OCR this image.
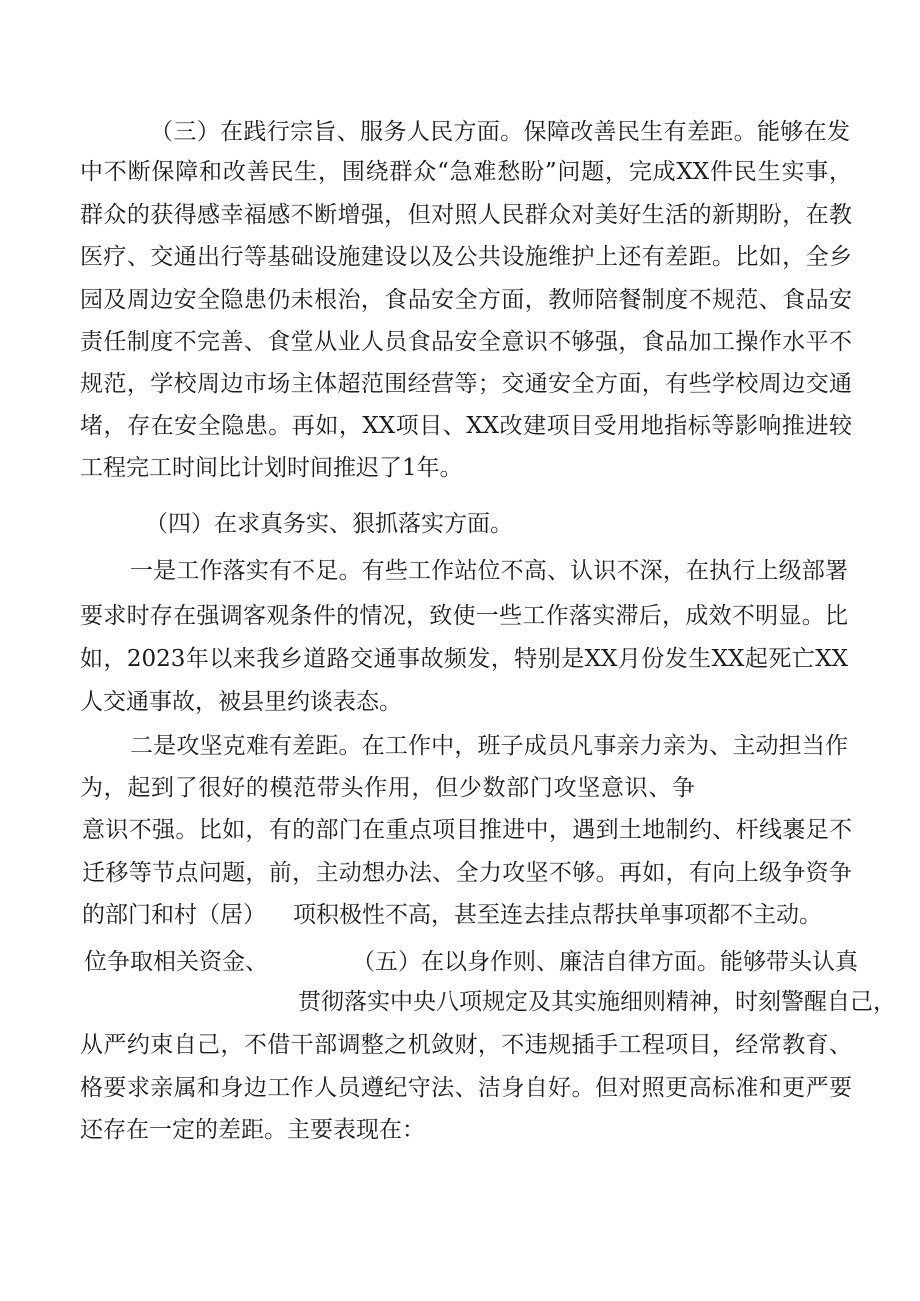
（三）在践行宗旨、服务人民方面。保障改善民生有差距。能够在发

中不断保障和改善民生，围绕群众“急难愁盼”问题，完成XX件民生实事，

群众的获得感幸福感不断增强，但对照人民群众对美好生活的新期盼，在教

医疗、交通出行等基础设施建设以及公共设施维护上还有差距。比如，全乡

园及周边安全隐患仍未根治，食品安全方面，教师陪餐制度不规范、食品安

责任制度不完善、食堂从业人员食品安全意识不够强，食品加工操作水平不

规范，学校周边市场主体超范围经营等；交通安全方面，有些学校周边交通

堵，存在安全隐患。再如，XX项目、XX改建项目受用地指标等影响推进较

工程完工时间比计划时间推迟了1年。

（四）在求真务实、狠抓落实方面。

一是工作落实有不足。有些工作站位不高、认识不深，在执行上级部署

要求时存在强调客观条件的情况，致使一些工作落实滞后，成效不明显。比

如，2023年以来我乡道路交通事故频发，特别是XX月份发生XX起死亡XX

人交通事故，被县里约谈表态。

二是攻坚克难有差距。在工作中，班子成员凡事亲力亲为、主动担当作

为，起到了很好的模范带头作用，但少数部门攻坚意识、争

意识不强。比如，有的部门在重点项目推进中，遇到土地制约、杆线裹足不

迁移等节点问题，前，主动想办法、全力攻坚不够。再如，有向上级争资争

的部门和村（居） 项积极性不高，甚至连去挂点帮扶单事项都不主动。

位争取相关资金、	（五）在以身作则、廉洁自律方面。能够带头认真

贯彻落实中央八项规定及其实施细则精神，时刻警醒自己，

从严约束自己，不借干部调整之机敛财，不违规插手工程项目，经常教育、

格要求亲属和身边工作人员遵纪守法、洁身自好。但对照更高标准和更严要

还存在一定的差距。主要表现在：
